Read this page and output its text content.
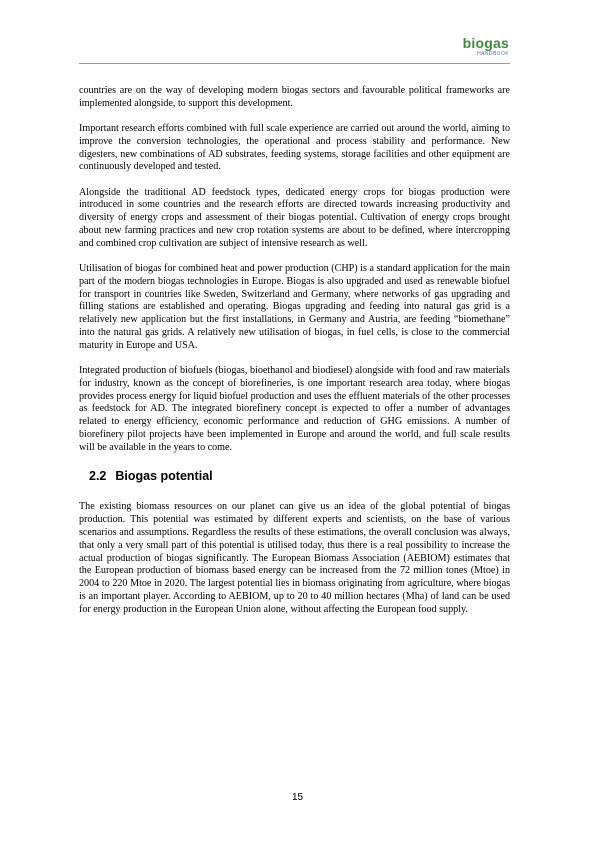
biogas
HANDBOOK

countries are on the way of developing modern biogas sectors and favourable political frameworks are implemented alongside, to support this development.

Important research efforts combined with full scale experience are carried out around the world, aiming to improve the conversion technologies, the operational and process stability and performance. New digesters, new combinations of AD substrates, feeding systems, storage facilities and other equipment are continuously developed and tested.

Alongside the traditional AD feedstock types, dedicated energy crops for biogas production were introduced in some countries and the research efforts are directed towards increasing productivity and diversity of energy crops and assessment of their biogas potential. Cultivation of energy crops brought about new farming practices and new crop rotation systems are about to be defined, where intercropping and combined crop cultivation are subject of intensive research as well.

Utilisation of biogas for combined heat and power production (CHP) is a standard application for the main part of the modern biogas technologies in Europe. Biogas is also upgraded and used as renewable biofuel for transport in countries like Sweden, Switzerland and Germany, where networks of gas upgrading and filling stations are established and operating. Biogas upgrading and feeding into natural gas grid is a relatively new application but the first installations, in Germany and Austria, are feeding “biomethane” into the natural gas grids. A relatively new utilisation of biogas, in fuel cells, is close to the commercial maturity in Europe and USA.

Integrated production of biofuels (biogas, bioethanol and biodiesel) alongside with food and raw materials for industry, known as the concept of biorefineries, is one important research area today, where biogas provides process energy for liquid biofuel production and uses the effluent materials of the other processes as feedstock for AD. The integrated biorefinery concept is expected to offer a number of advantages related to energy efficiency, economic performance and reduction of GHG emissions. A number of biorefinery pilot projects have been implemented in Europe and around the world, and full scale results will be available in the years to come.

2.2 Biogas potential

The existing biomass resources on our planet can give us an idea of the global potential of biogas production. This potential was estimated by different experts and scientists, on the base of various scenarios and assumptions. Regardless the results of these estimations, the overall conclusion was always, that only a very small part of this potential is utilised today, thus there is a real possibility to increase the actual production of biogas significantly. The European Biomass Association (AEBIOM) estimates that the European production of biomass based energy can be increased from the 72 million tones (Mtoe) in 2004 to 220 Mtoe in 2020. The largest potential lies in biomass originating from agriculture, where biogas is an important player. According to AEBIOM, up to 20 to 40 million hectares (Mha) of land can be used for energy production in the European Union alone, without affecting the European food supply.

15
